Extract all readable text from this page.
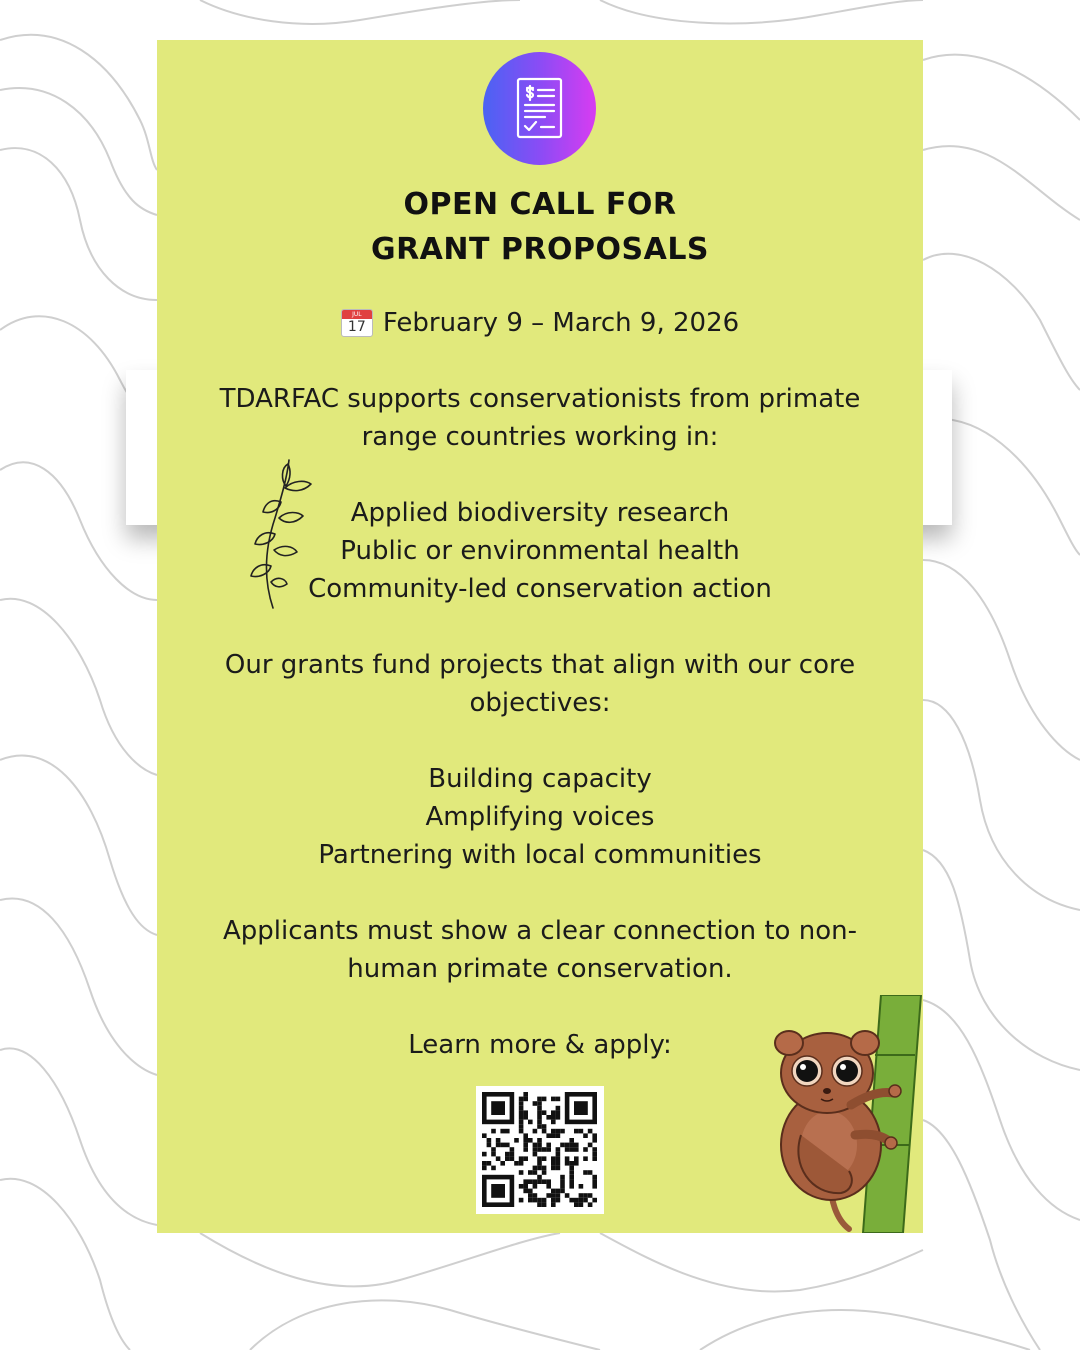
OPEN CALL FOR
GRANT PROPOSALS
JUL
17 February 9 – March 9, 2026
TDARFAC supports conservationists from primate
range countries working in:
Applied biodiversity research
Public or environmental health
Community-led conservation action
Our grants fund projects that align with our core
objectives:
Building capacity
Amplifying voices
Partnering with local communities
Applicants must show a clear connection to non-
human primate conservation.
Learn more & apply:
